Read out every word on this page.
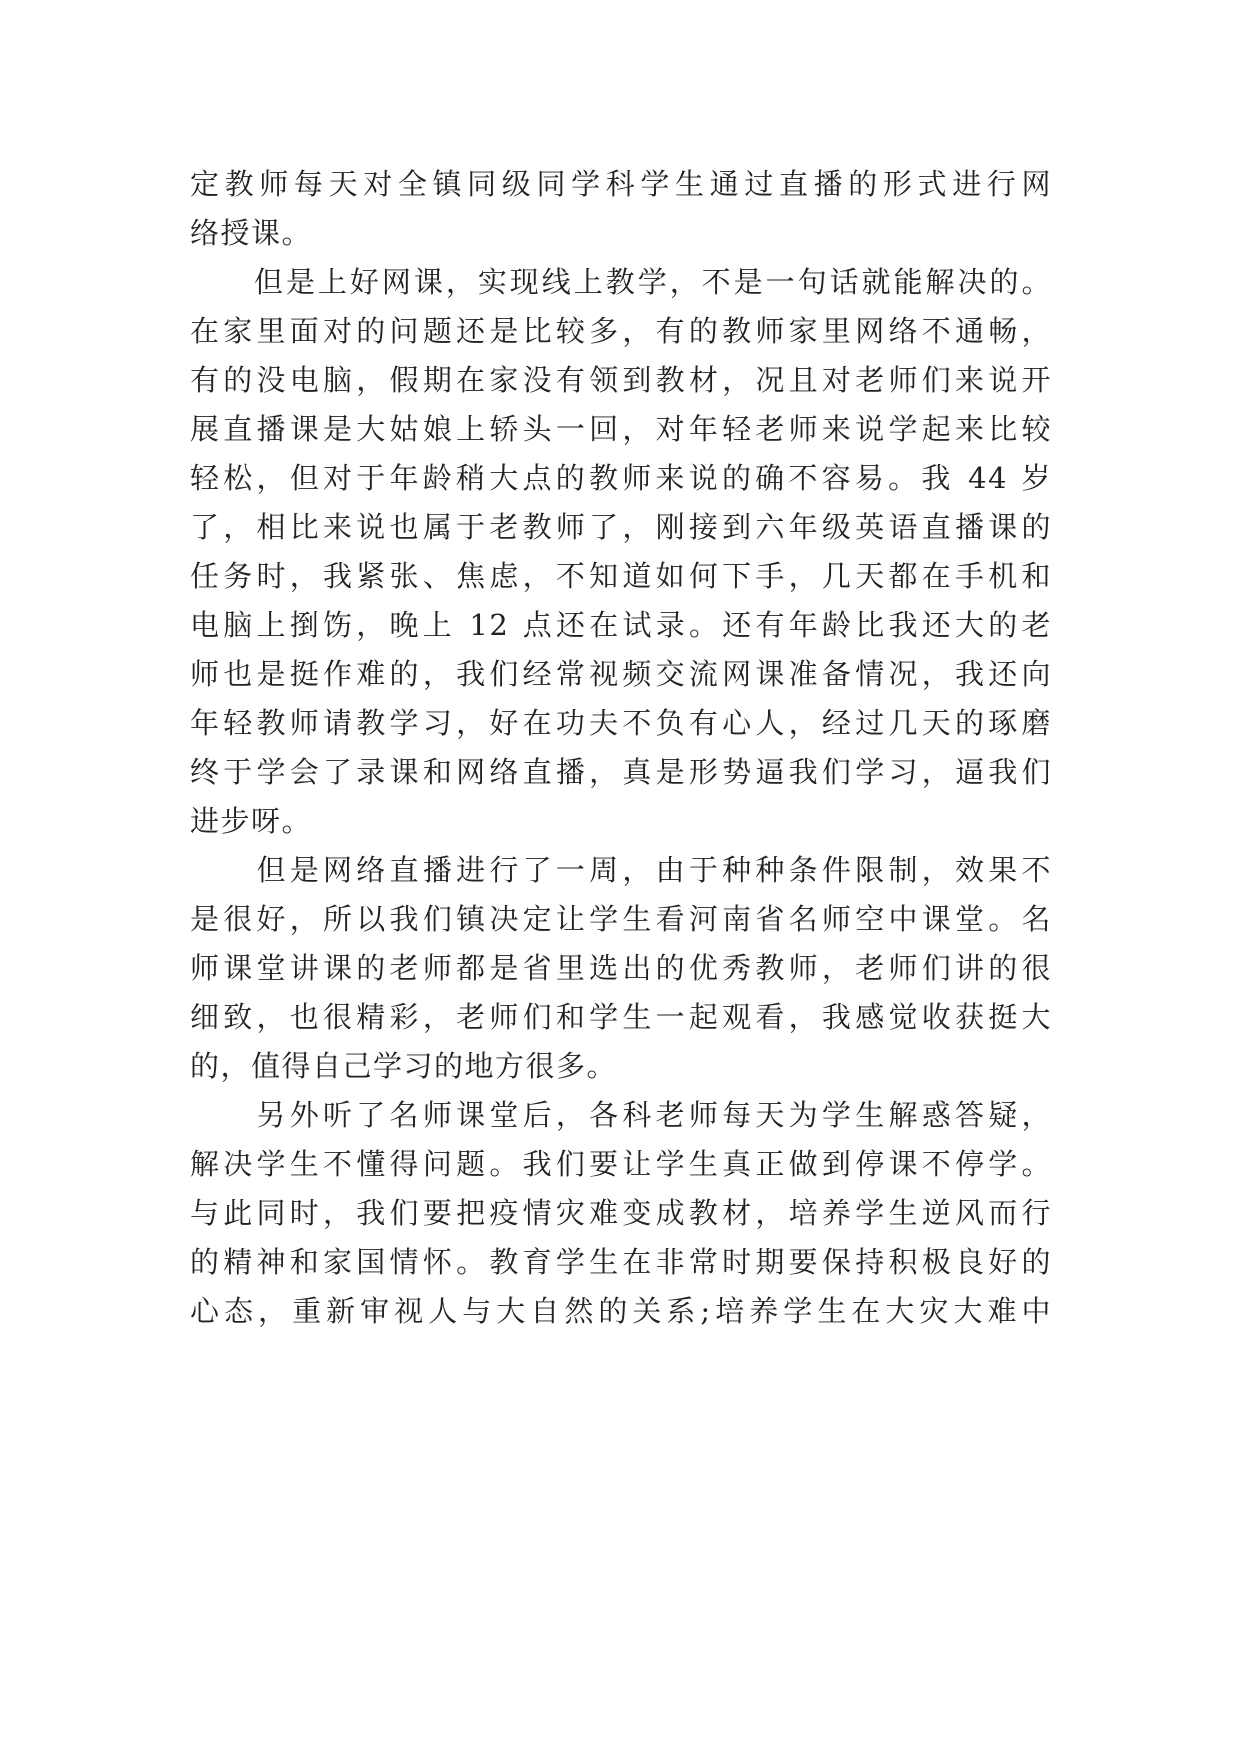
定教师每天对全镇同级同学科学生通过直播的形式进行网
络授课。
　　但是上好网课，实现线上教学，不是一句话就能解决的。
在家里面对的问题还是比较多，有的教师家里网络不通畅，
有的没电脑，假期在家没有领到教材，况且对老师们来说开
展直播课是大姑娘上轿头一回，对年轻老师来说学起来比较
轻松，但对于年龄稍大点的教师来说的确不容易。我 44 岁
了，相比来说也属于老教师了，刚接到六年级英语直播课的
任务时，我紧张、焦虑，不知道如何下手，几天都在手机和
电脑上捯饬，晚上 12 点还在试录。还有年龄比我还大的老
师也是挺作难的，我们经常视频交流网课准备情况，我还向
年轻教师请教学习，好在功夫不负有心人，经过几天的琢磨
终于学会了录课和网络直播，真是形势逼我们学习，逼我们
进步呀。
　　但是网络直播进行了一周，由于种种条件限制，效果不
是很好，所以我们镇决定让学生看河南省名师空中课堂。名
师课堂讲课的老师都是省里选出的优秀教师，老师们讲的很
细致，也很精彩，老师们和学生一起观看，我感觉收获挺大
的，值得自己学习的地方很多。
　　另外听了名师课堂后，各科老师每天为学生解惑答疑，
解决学生不懂得问题。我们要让学生真正做到停课不停学。
与此同时，我们要把疫情灾难变成教材，培养学生逆风而行
的精神和家国情怀。教育学生在非常时期要保持积极良好的
心态，重新审视人与大自然的关系;培养学生在大灾大难中
